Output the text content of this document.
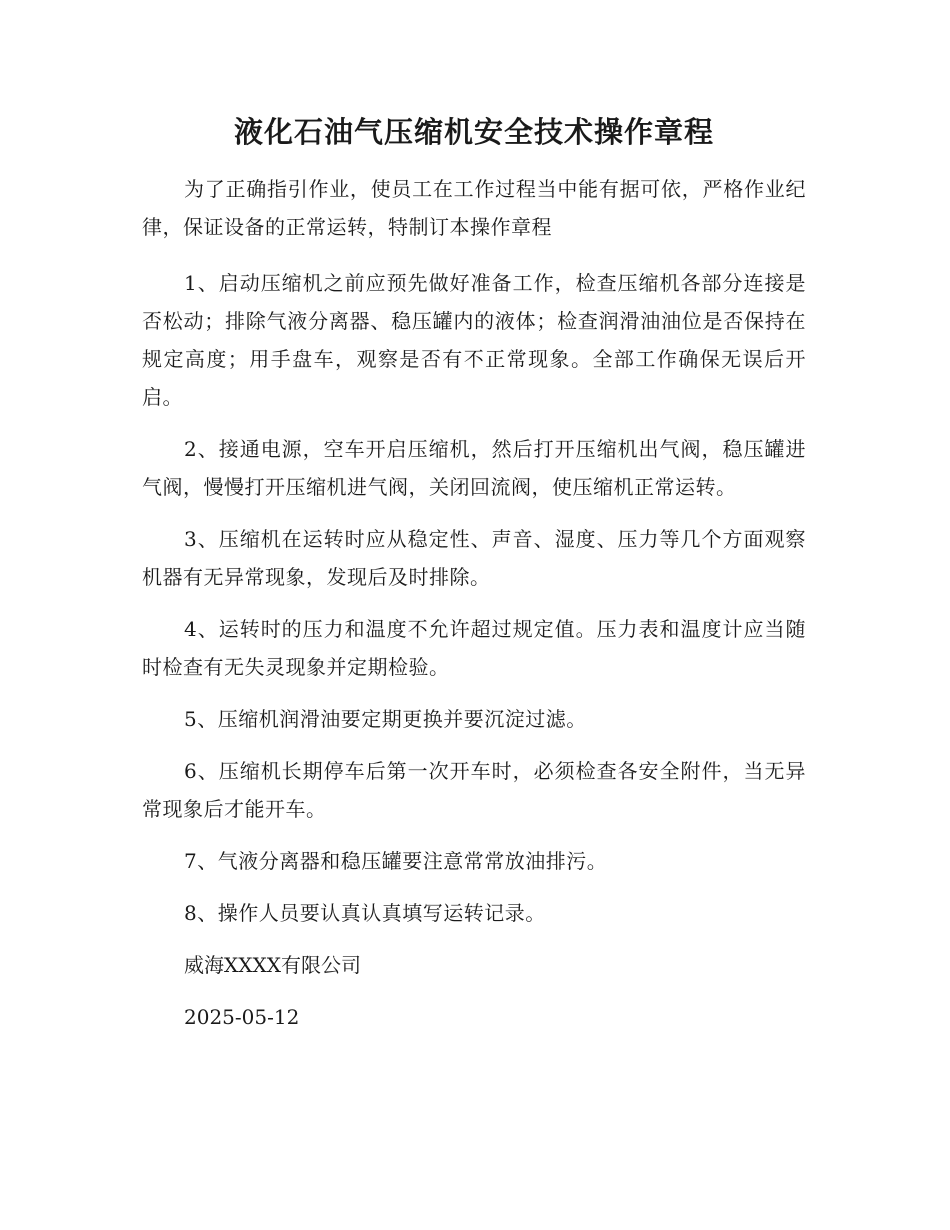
液化石油气压缩机安全技术操作章程

为了正确指引作业，使员工在工作过程当中能有据可依，严格作业纪律，保证设备的正常运转，特制订本操作章程

1、启动压缩机之前应预先做好准备工作，检查压缩机各部分连接是否松动；排除气液分离器、稳压罐内的液体；检查润滑油油位是否保持在规定高度；用手盘车，观察是否有不正常现象。全部工作确保无误后开启。

2、接通电源，空车开启压缩机，然后打开压缩机出气阀，稳压罐进气阀，慢慢打开压缩机进气阀，关闭回流阀，使压缩机正常运转。

3、压缩机在运转时应从稳定性、声音、湿度、压力等几个方面观察机器有无异常现象，发现后及时排除。

4、运转时的压力和温度不允许超过规定值。压力表和温度计应当随时检查有无失灵现象并定期检验。

5、压缩机润滑油要定期更换并要沉淀过滤。

6、压缩机长期停车后第一次开车时，必须检查各安全附件，当无异常现象后才能开车。

7、气液分离器和稳压罐要注意常常放油排污。

8、操作人员要认真认真填写运转记录。

威海XXXX有限公司

2025-05-12
